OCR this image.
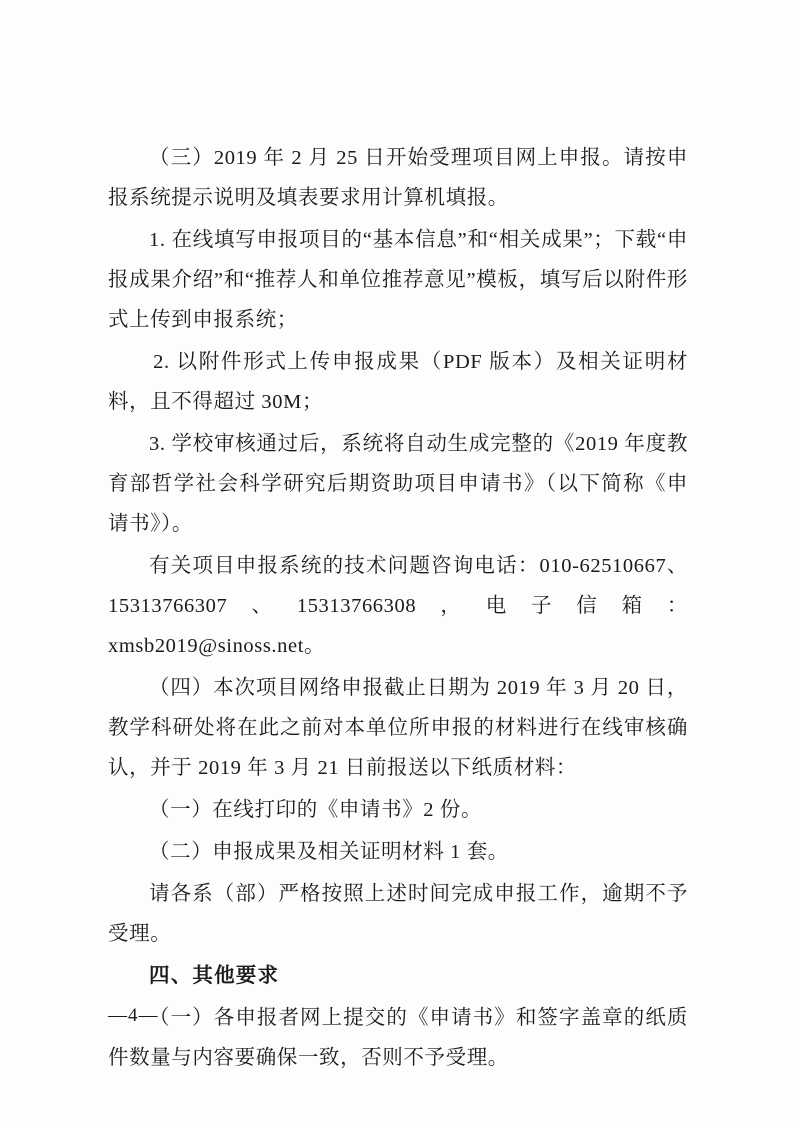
（三）2019 年 2 月 25 日开始受理项目网上申报。请按申报系统提示说明及填表要求用计算机填报。

1. 在线填写申报项目的“基本信息”和“相关成果”；下载“申报成果介绍”和“推荐人和单位推荐意见”模板，填写后以附件形式上传到申报系统；

2. 以附件形式上传申报成果（PDF 版本）及相关证明材料，且不得超过 30M；

3. 学校审核通过后，系统将自动生成完整的《2019 年度教育部哲学社会科学研究后期资助项目申请书》（以下简称《申请书》）。

有关项目申报系统的技术问题咨询电话：010-62510667、15313766307、15313766308，电子信箱：xmsb2019@sinoss.net。

（四）本次项目网络申报截止日期为 2019 年 3 月 20 日，教学科研处将在此之前对本单位所申报的材料进行在线审核确认，并于 2019 年 3 月 21 日前报送以下纸质材料：

（一）在线打印的《申请书》2 份。

（二）申报成果及相关证明材料 1 套。

请各系（部）严格按照上述时间完成申报工作，逾期不予受理。

四、其他要求

（一）各申报者网上提交的《申请书》和签字盖章的纸质件数量与内容要确保一致，否则不予受理。

—4—
